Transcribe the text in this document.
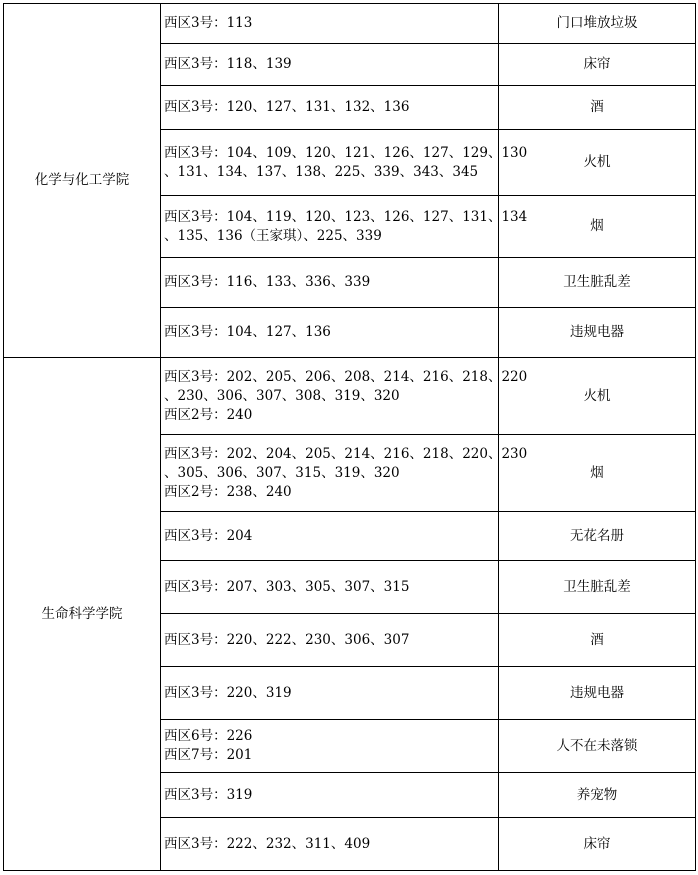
化学与化工学院	西区3号：113	门口堆放垃圾

	西区3号：118、139	床帘

	西区3号：120、127、131、132、136	酒

	西区3号：104、109、120、121、126、127、129、130
、131、134、137、138、225、339、343、345	火机

	西区3号：104、119、120、123、126、127、131、134
、135、136（王家琪）、225、339	烟

	西区3号：116、133、336、339	卫生脏乱差

	西区3号：104、127、136	违规电器
生命科学学院	西区3号：202、205、206、208、214、216、218、220
、230、306、307、308、319、320
西区2号：240	火机

	西区3号：202、204、205、214、216、218、220、230
、305、306、307、315、319、320
西区2号：238、240	烟

	西区3号：204	无花名册

	西区3号：207、303、305、307、315	卫生脏乱差

	西区3号：220、222、230、306、307	酒

	西区3号：220、319	违规电器

	西区6号：226
西区7号：201	人不在未落锁

	西区3号：319	养宠物

	西区3号：222、232、311、409	床帘
